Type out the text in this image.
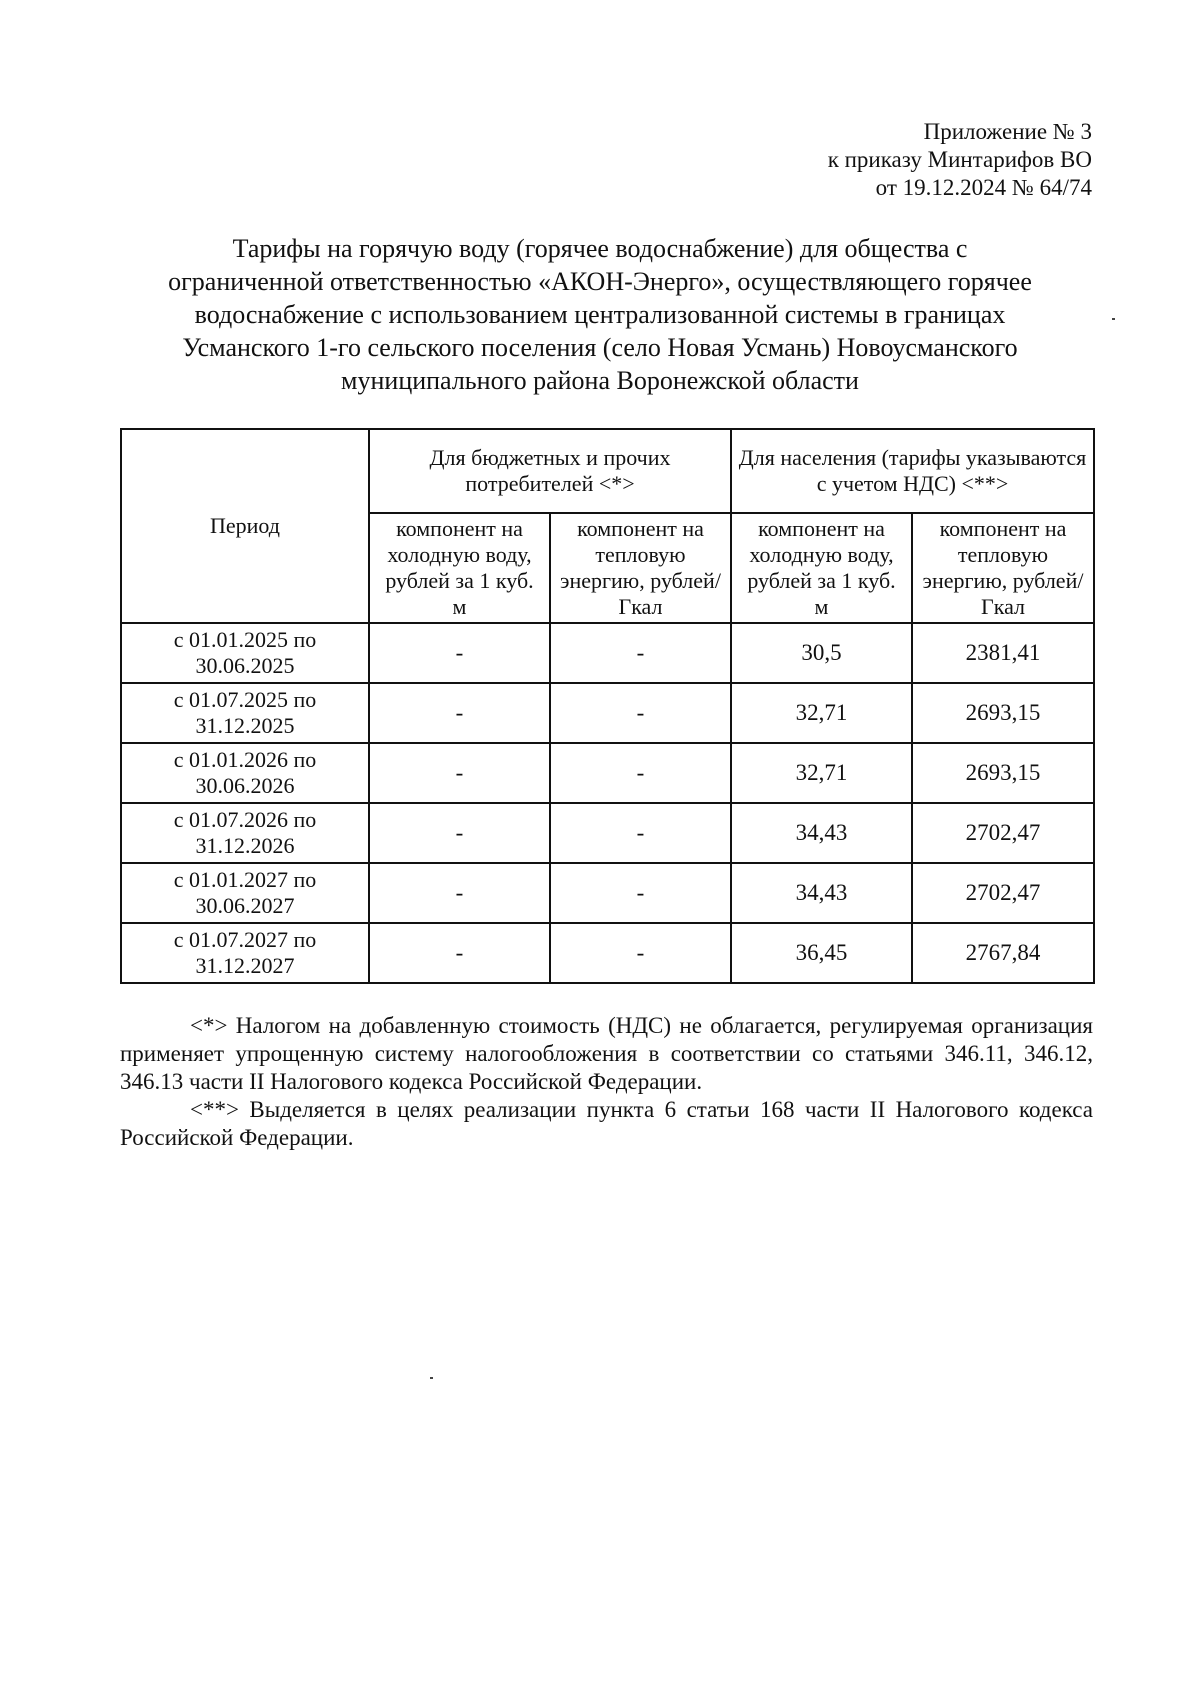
Приложение № 3
к приказу Минтарифов ВО
от 19.12.2024 № 64/74
Тарифы на горячую воду (горячее водоснабжение) для общества с
ограниченной ответственностью «АКОН-Энерго», осуществляющего горячее
водоснабжение с использованием централизованной системы в границах
Усманского 1-го сельского поселения (село Новая Усмань) Новоусманского
муниципального района Воронежской области
Период	Для бюджетных и прочих потребителей <*>		Для населения (тарифы указываются с учетом НДС) <**>	
	компонент на холодную воду, рублей за 1 куб. м	компонент на тепловую энергию, рублей/Гкал	компонент на холодную воду, рублей за 1 куб. м	компонент на тепловую энергию, рублей/Гкал
с 01.01.2025 по 30.06.2025	-	-	30,5	2381,41
с 01.07.2025 по 31.12.2025	-	-	32,71	2693,15
с 01.01.2026 по 30.06.2026	-	-	32,71	2693,15
с 01.07.2026 по 31.12.2026	-	-	34,43	2702,47
с 01.01.2027 по 30.06.2027	-	-	34,43	2702,47
с 01.07.2027 по 31.12.2027	-	-	36,45	2767,84

<*> Налогом на добавленную стоимость (НДС) не облагается, регулируемая организация применяет упрощенную систему налогообложения в соответствии со статьями 346.11, 346.12, 346.13 части II Налогового кодекса Российской Федерации.

<**> Выделяется в целях реализации пункта 6 статьи 168 части II Налогового кодекса Российской Федерации.
